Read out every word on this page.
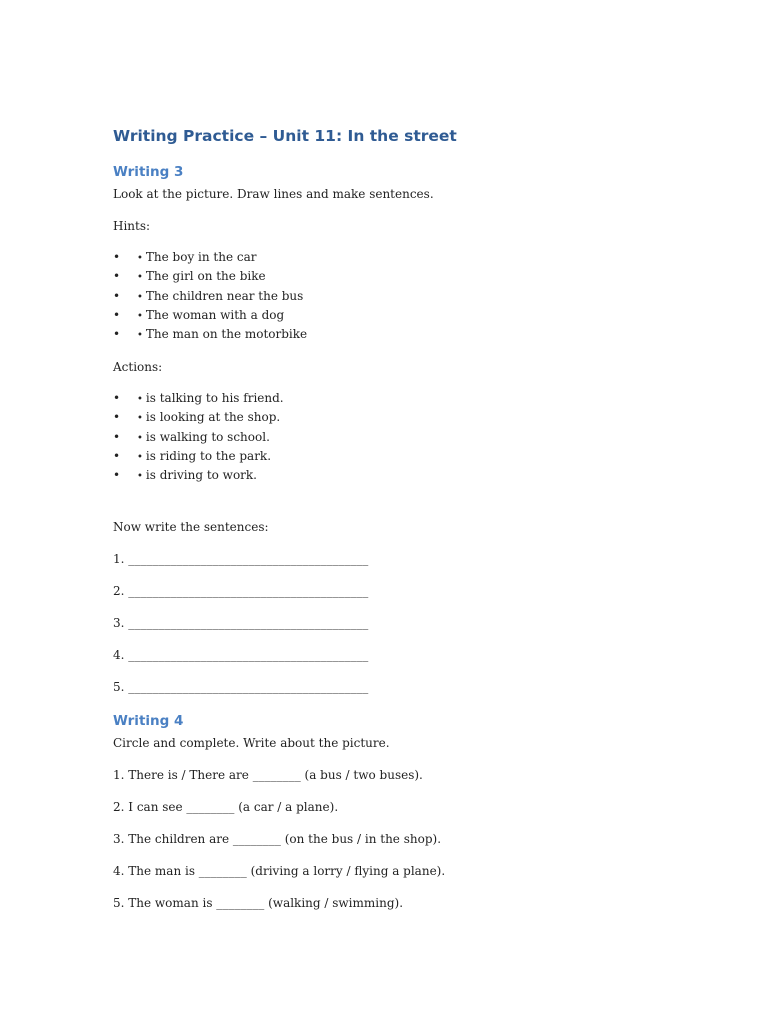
Writing Practice – Unit 11: In the street
Writing 3
Look at the picture. Draw lines and make sentences.
Hints:
• • The boy in the car
• • The girl on the bike
• • The children near the bus
• • The woman with a dog
• • The man on the motorbike
Actions:
• • is talking to his friend.
• • is looking at the shop.
• • is walking to school.
• • is riding to the park.
• • is driving to work.
Now write the sentences:
1. ________________________________________
2. ________________________________________
3. ________________________________________
4. ________________________________________
5. ________________________________________
Writing 4
Circle and complete. Write about the picture.
1. There is / There are ________ (a bus / two buses).
2. I can see ________ (a car / a plane).
3. The children are ________ (on the bus / in the shop).
4. The man is ________ (driving a lorry / flying a plane).
5. The woman is ________ (walking / swimming).
